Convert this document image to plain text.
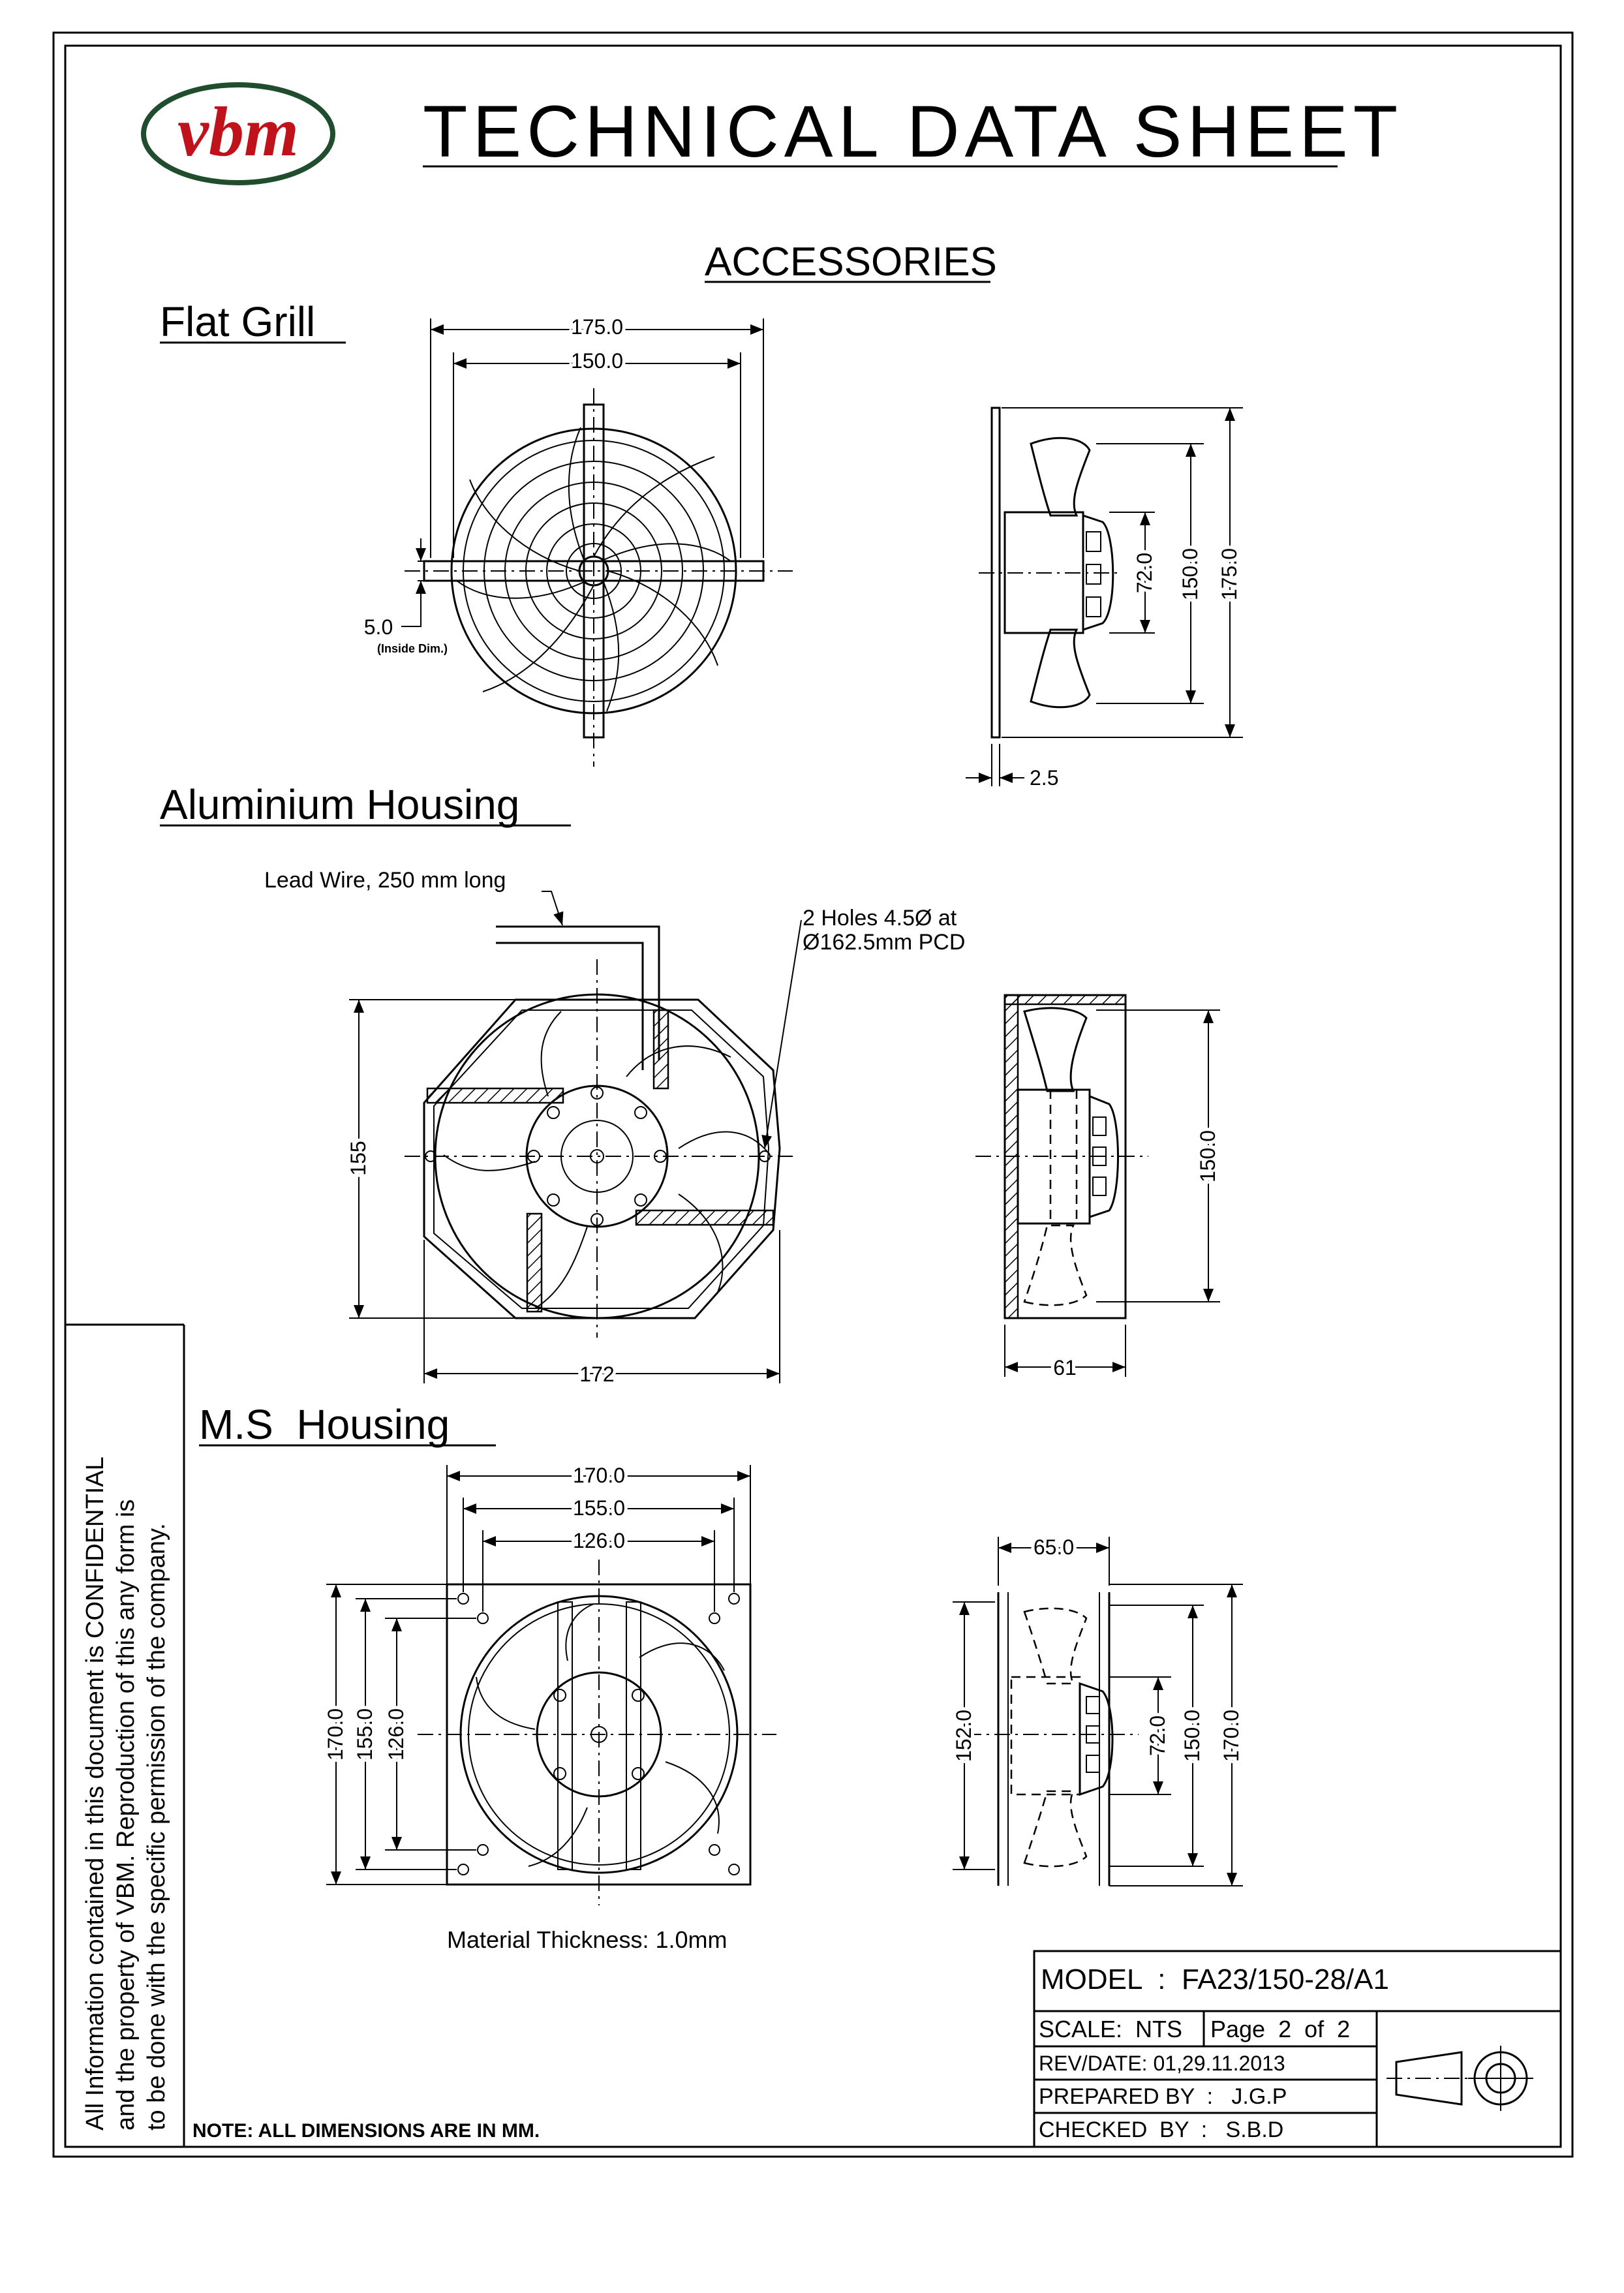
vbm TECHNICAL DATA SHEET
ACCESSORIES
Flat Grill	175.0
150.0
5.0
(Inside Dim.)
72.0 150.0 175.0
2.5
Aluminium Housing
Lead Wire, 250 mm long
2 Holes 4.5Ø at
Ø162.5mm PCD
155
172
150.0
61
All Information contained in this document is CONFIDENTIAL and the property of VBM. Reproduction of this any form is to be done with the specific permission of the company.
M.S  Housing
170.0
155.0
126.0
170.0 155.0 126.0
Material Thickness: 1.0mm
65.0
152.0	72.0 150.0 170.0
NOTE: ALL DIMENSIONS ARE IN MM.
MODEL  :  FA23/150-28/A1
SCALE:  NTS Page  2  of  2
REV/DATE: 01,29.11.2013
PREPARED BY  :   J.G.P
CHECKED  BY  :   S.B.D
